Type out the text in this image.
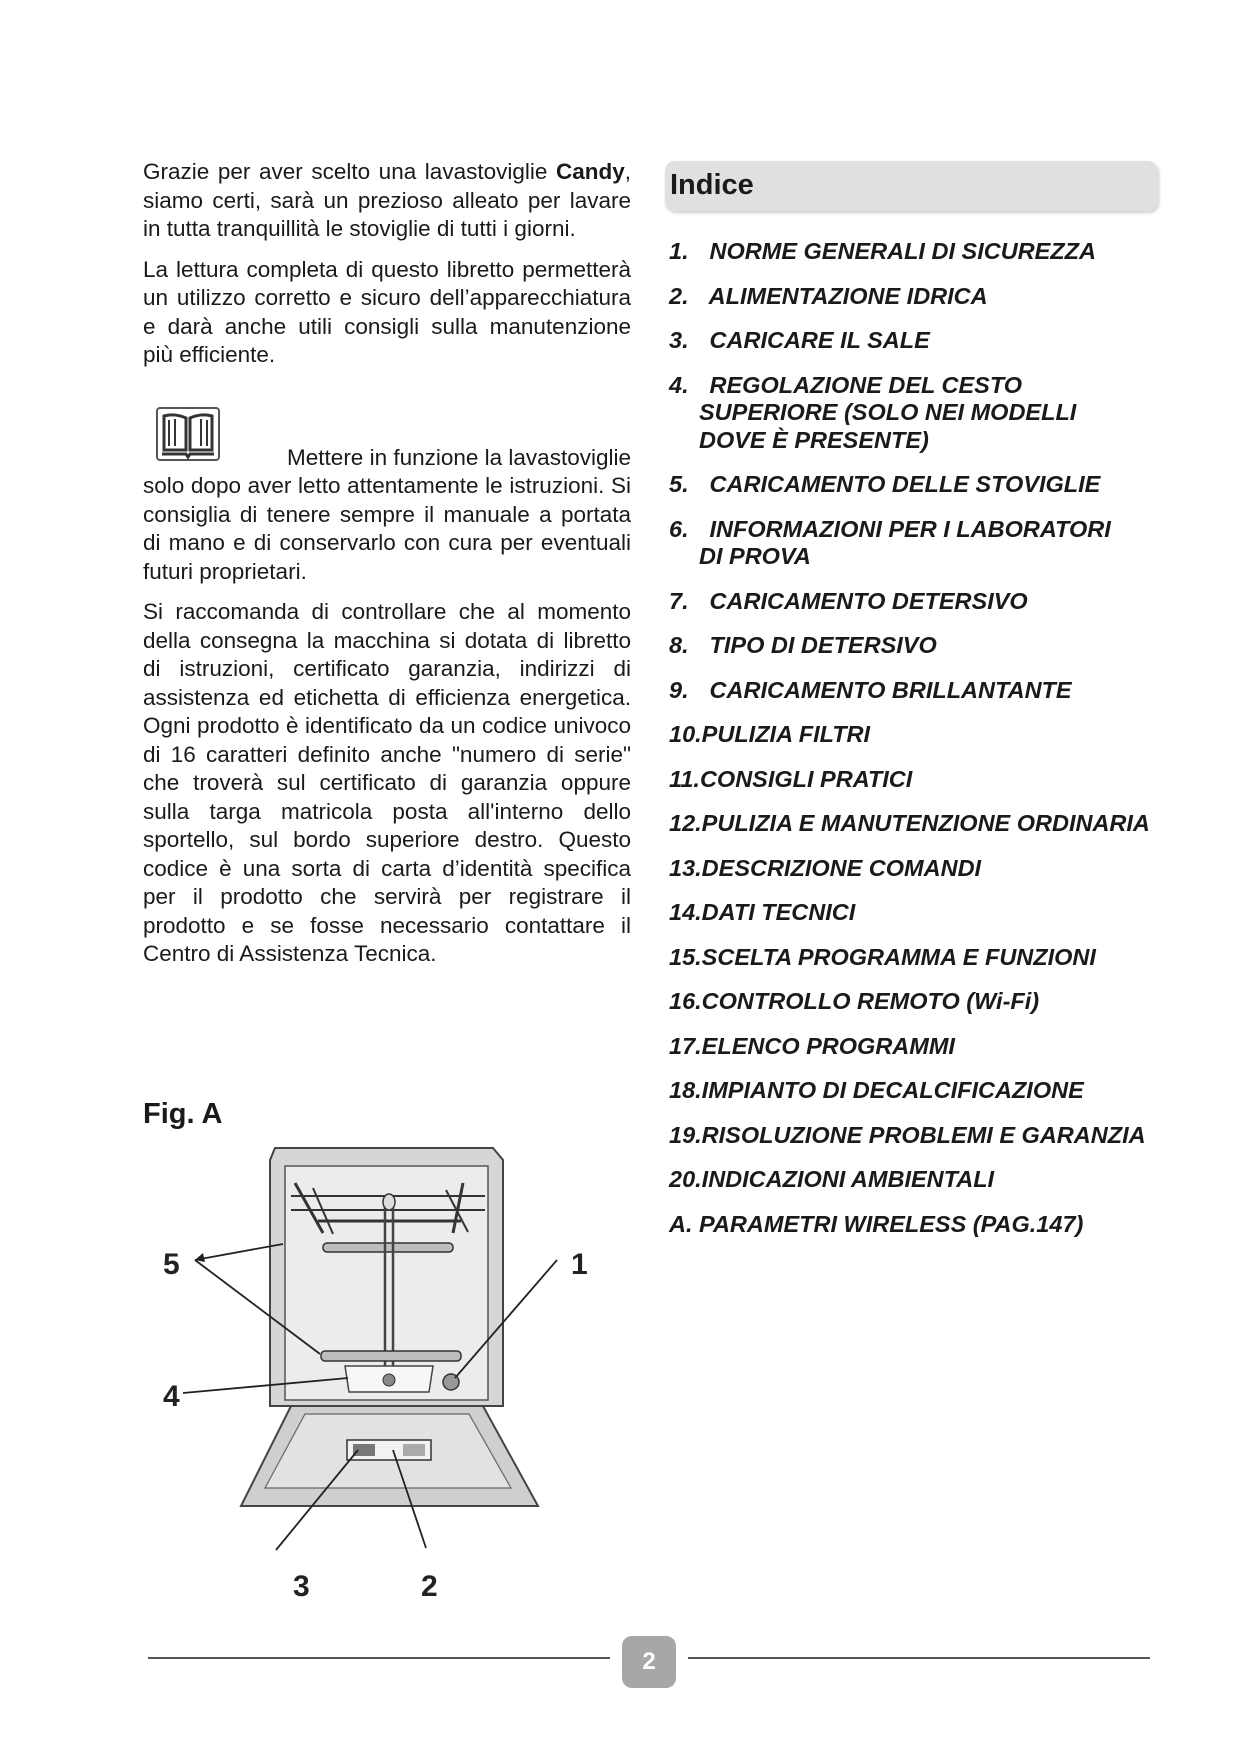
Grazie per aver scelto una lavastoviglie Candy, siamo certi, sarà un prezioso alleato per lavare in tutta tranquillità le stoviglie di tutti i giorni.

La lettura completa di questo libretto permetterà un utilizzo corretto e sicuro dell’apparecchiatura e darà anche utili consigli sulla manutenzione più efficiente.

Mettere in funzione la lavastoviglie

solo dopo aver letto attentamente le istruzioni. Si consiglia di tenere sempre il manuale a portata di mano e di conservarlo con cura per eventuali futuri proprietari.

Si raccomanda di controllare che al momento della consegna la macchina si dotata di libretto di istruzioni, certificato garanzia, indirizzi di assistenza ed etichetta di efficienza energetica. Ogni prodotto è identificato da un codice univoco di 16 caratteri definito anche "numero di serie" che troverà sul certificato di garanzia oppure sulla targa matricola posta all'interno dello sportello, sul bordo superiore destro. Questo codice è una sorta di carta d’identità specifica per il prodotto che servirà per registrare il prodotto e se fosse necessario contattare il Centro di Assistenza Tecnica.

Fig. A
5	1
4
3	2
Indice
1. NORME GENERALI DI SICUREZZA
2. ALIMENTAZIONE IDRICA
3. CARICARE IL SALE
4. REGOLAZIONE DEL CESTO
SUPERIORE (SOLO NEI MODELLI
DOVE È PRESENTE)
5. CARICAMENTO DELLE STOVIGLIE
6. INFORMAZIONI PER I LABORATORI
DI PROVA
7. CARICAMENTO DETERSIVO
8. TIPO DI DETERSIVO
9. CARICAMENTO BRILLANTANTE
10.PULIZIA FILTRI
11.CONSIGLI PRATICI
12.PULIZIA E MANUTENZIONE ORDINARIA
13.DESCRIZIONE COMANDI
14.DATI TECNICI
15.SCELTA PROGRAMMA E FUNZIONI
16.CONTROLLO REMOTO (Wi-Fi)
17.ELENCO PROGRAMMI
18.IMPIANTO DI DECALCIFICAZIONE
19.RISOLUZIONE PROBLEMI E GARANZIA
20.INDICAZIONI AMBIENTALI
A. PARAMETRI WIRELESS (PAG.147)
2
